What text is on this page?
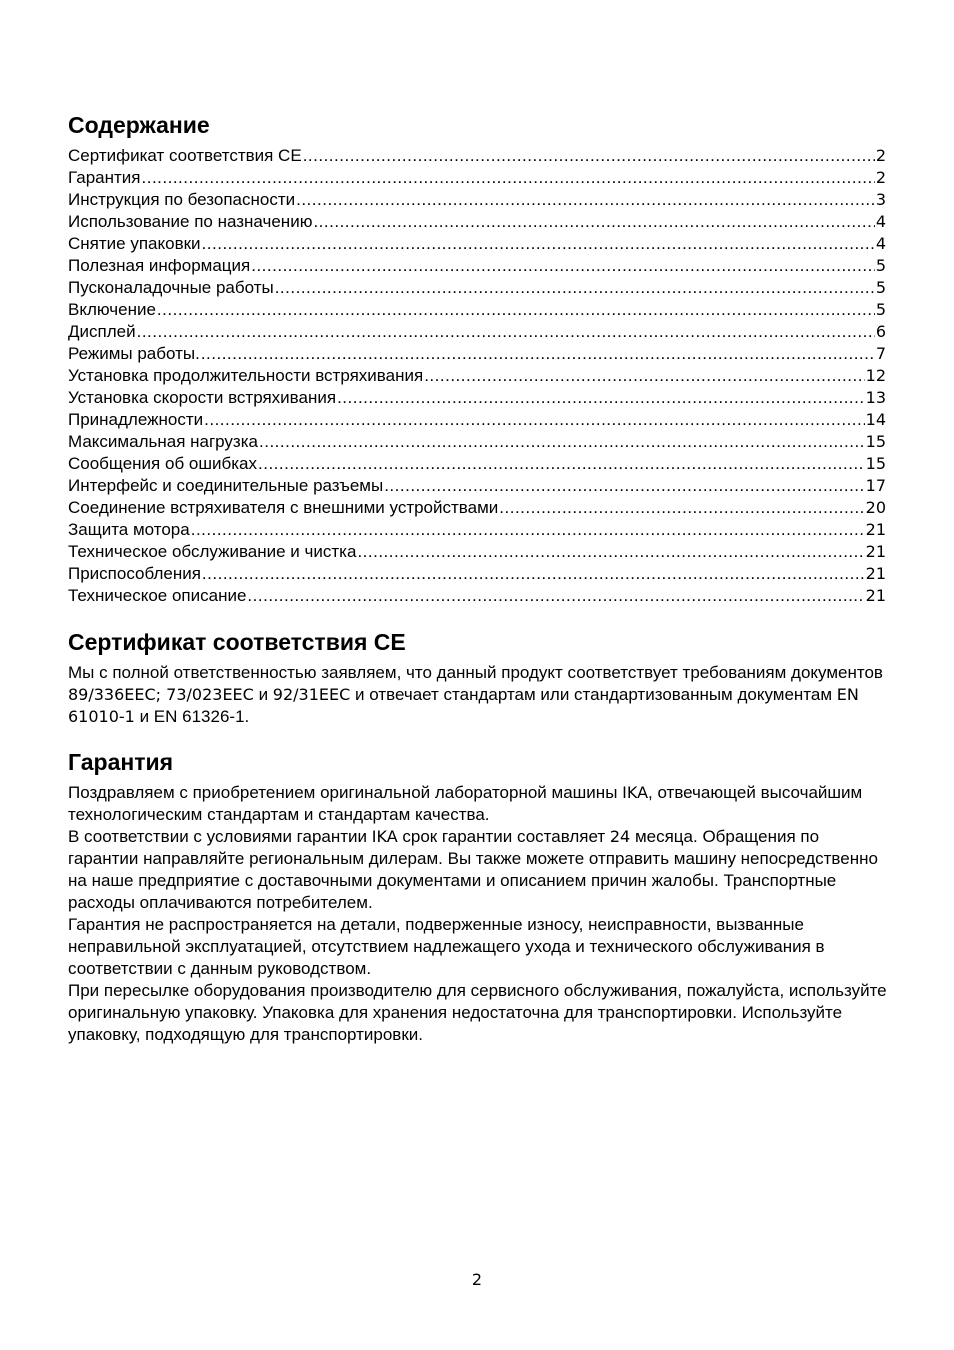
Содержание
Сертификат соответствия СЕ .....	2
Гарантия .....	2
Инструкция по безопасности .....	3
Использование по назначению .....	4
Снятие упаковки .....	4
Полезная информация .....	5
Пусконаладочные работы .....	5
Включение .....	5
Дисплей .....	6
Режимы работы. .....	7
Установка продолжительности встряхивания .....	12
Установка скорости встряхивания .....	13
Принадлежности .....	14
Максимальная нагрузка .....	15
Сообщения об ошибках .....	15
Интерфейс и соединительные разъемы .....	17
Соединение встряхивателя с внешними устройствами .....	20
Защита мотора .....	21
Техническое обслуживание и чистка .....	21
Приспособления .....	21
Техническое описание .....	21
Сертификат соответствия СЕ

Мы с полной ответственностью заявляем, что данный продукт соответствует требованиям документов 89/336EEC; 73/023EEC и 92/31EEC и отвечает стандартам или стандартизованным документам EN 61010-1 и EN 61326-1.

Гарантия

Поздравляем с приобретением оригинальной лабораторной машины IKA, отвечающей высочайшим технологическим стандартам и стандартам качества.

В соответствии с условиями гарантии IKA срок гарантии составляет 24 месяца. Обращения по гарантии направляйте региональным дилерам. Вы также можете отправить машину непосредственно на наше предприятие с доставочными документами и описанием причин жалобы. Транспортные расходы оплачиваются потребителем.

Гарантия не распространяется на детали, подверженные износу, неисправности, вызванные неправильной эксплуатацией, отсутствием надлежащего ухода и технического обслуживания в соответствии с данным руководством.

При пересылке оборудования производителю для сервисного обслуживания, пожалуйста, используйте оригинальную упаковку. Упаковка для хранения недостаточна для транспортировки. Используйте упаковку, подходящую для транспортировки.

2
